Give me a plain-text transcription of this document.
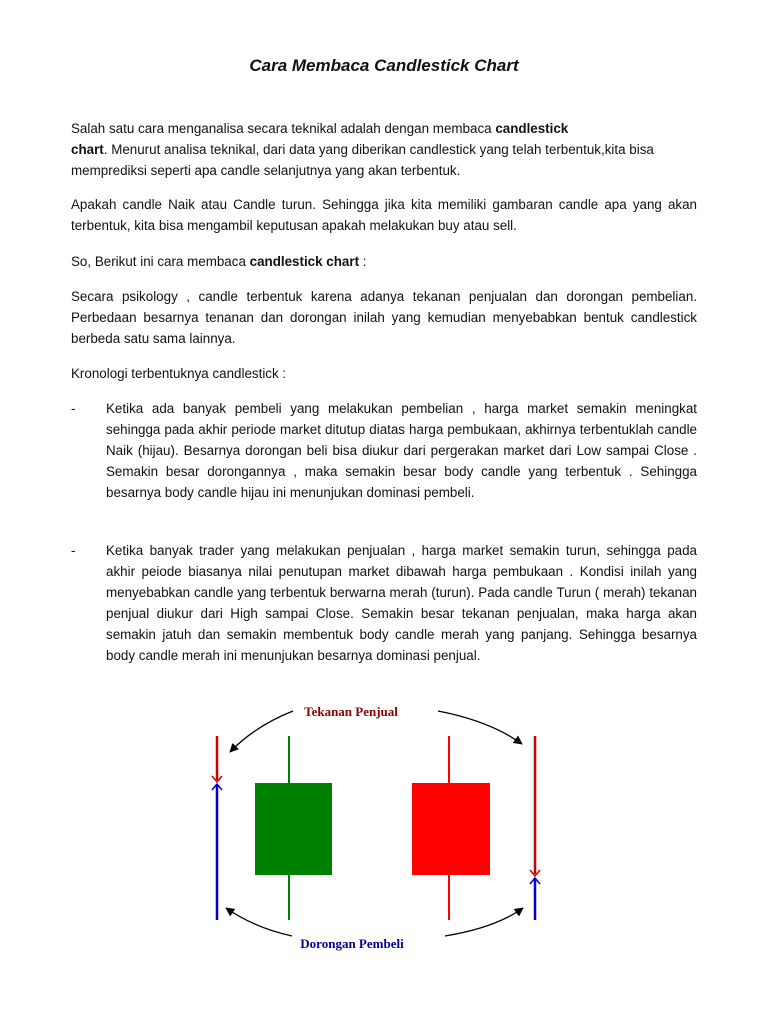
Cara Membaca Candlestick Chart

Salah satu cara menganalisa secara teknikal adalah dengan membaca candlestick
chart. Menurut analisa teknikal, dari data yang diberikan candlestick yang telah terbentuk,kita bisa memprediksi seperti apa candle selanjutnya yang akan terbentuk.

Apakah candle Naik atau Candle turun. Sehingga jika kita memiliki gambaran candle apa yang akan terbentuk, kita bisa mengambil keputusan apakah melakukan buy atau sell.

So, Berikut ini cara membaca candlestick chart :

Secara psikology , candle terbentuk karena adanya tekanan penjualan dan dorongan pembelian. Perbedaan besarnya tenanan dan dorongan inilah yang kemudian menyebabkan bentuk candlestick berbeda satu sama lainnya.

Kronologi terbentuknya candlestick :

-	Ketika ada banyak pembeli yang melakukan pembelian , harga market semakin meningkat sehingga pada akhir periode market ditutup diatas harga pembukaan, akhirnya terbentuklah candle Naik (hijau). Besarnya dorongan beli bisa diukur dari pergerakan market dari Low sampai Close . Semakin besar dorongannya , maka semakin besar body candle yang terbentuk . Sehingga besarnya body candle hijau ini menunjukan dominasi pembeli.

-	Ketika banyak trader yang melakukan penjualan , harga market semakin turun, sehingga pada akhir peiode biasanya nilai penutupan market dibawah harga pembukaan . Kondisi inilah yang menyebabkan candle yang terbentuk berwarna merah (turun). Pada candle Turun ( merah) tekanan penjual diukur dari High sampai Close. Semakin besar tekanan penjualan, maka harga akan semakin jatuh dan semakin membentuk body candle merah yang panjang. Sehingga besarnya body candle merah ini menunjukan besarnya dominasi penjual.

Tekanan Penjual
Dorongan Pembeli
